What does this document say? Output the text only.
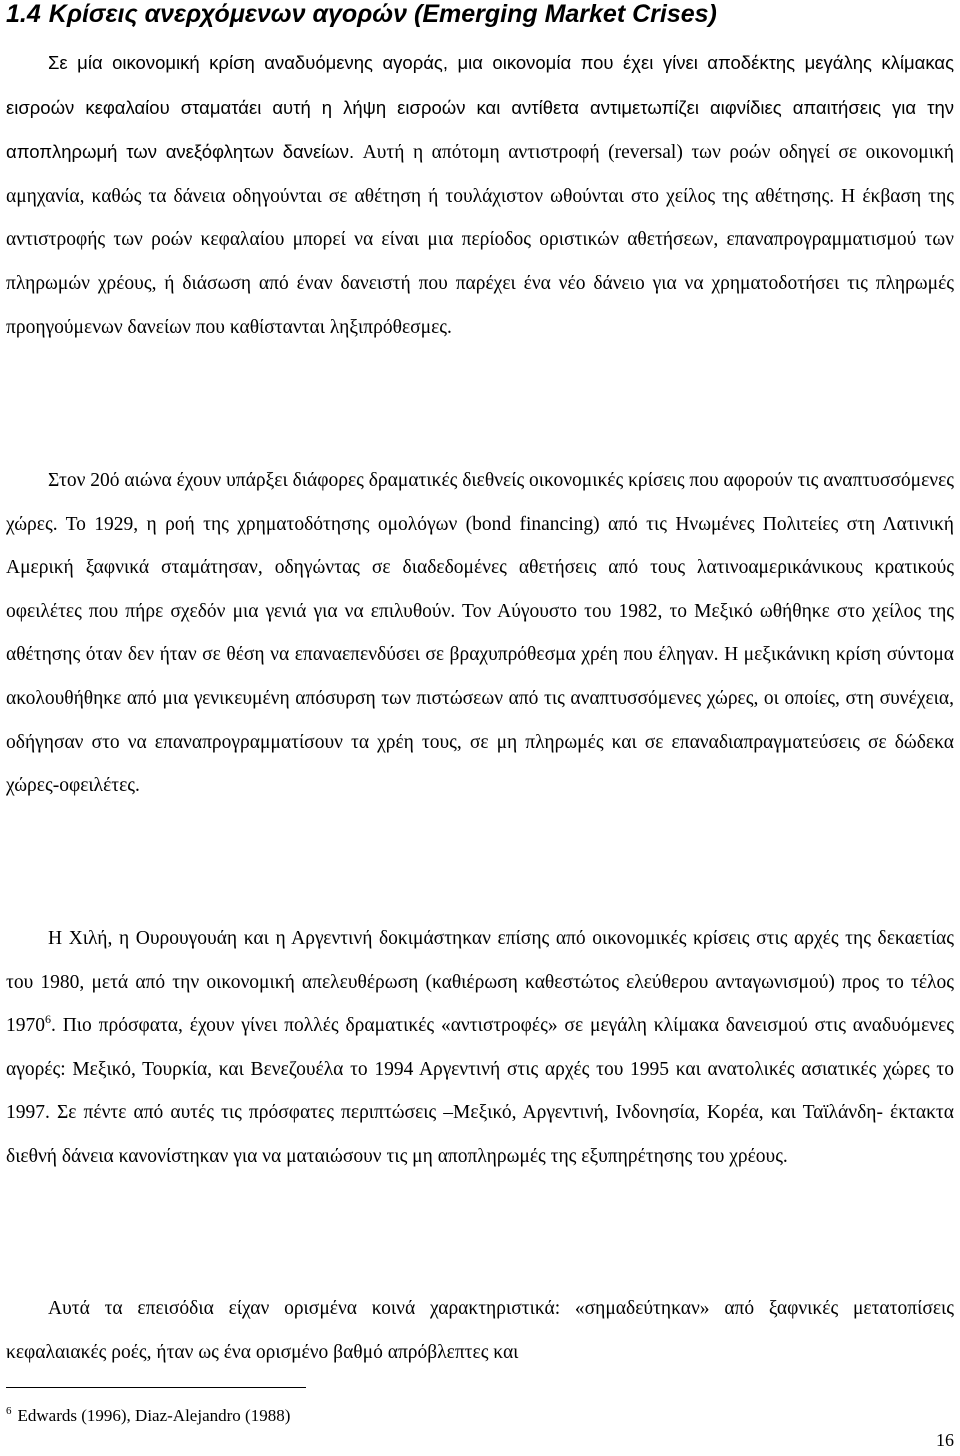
1.4 Κρίσεις ανερχόμενων αγορών (Emerging Market Crises)

Σε μία οικονομική κρίση αναδυόμενης αγοράς, μια οικονομία που έχει γίνει αποδέκτης μεγάλης κλίμακας εισροών κεφαλαίου σταματάει αυτή η λήψη εισροών και αντίθετα αντιμετωπίζει αιφνίδιες απαιτήσεις για την αποπληρωμή των ανεξόφλητων δανείων. Αυτή η απότομη αντιστροφή (reversal) των ροών οδηγεί σε οικονομική αμηχανία, καθώς τα δάνεια οδηγούνται σε αθέτηση ή τουλάχιστον ωθούνται στο χείλος της αθέτησης. Η έκβαση της αντιστροφής των ροών κεφαλαίου μπορεί να είναι μια περίοδος οριστικών αθετήσεων, επαναπρογραμματισμού των πληρωμών χρέους, ή διάσωση από έναν δανειστή που παρέχει ένα νέο δάνειο για να χρηματοδοτήσει τις πληρωμές προηγούμενων δανείων που καθίστανται ληξιπρόθεσμες.

Στον 20ό αιώνα έχουν υπάρξει διάφορες δραματικές διεθνείς οικονομικές κρίσεις που αφορούν τις αναπτυσσόμενες χώρες. Το 1929, η ροή της χρηματοδότησης ομολόγων (bond financing) από τις Ηνωμένες Πολιτείες στη Λατινική Αμερική ξαφνικά σταμάτησαν, οδηγώντας σε διαδεδομένες αθετήσεις από τους λατινοαμερικάνικους κρατικούς οφειλέτες που πήρε σχεδόν μια γενιά για να επιλυθούν. Τον Αύγουστο του 1982, το Μεξικό ωθήθηκε στο χείλος της αθέτησης όταν δεν ήταν σε θέση να επαναεπενδύσει σε βραχυπρόθεσμα χρέη που έληγαν. Η μεξικάνικη κρίση σύντομα ακολουθήθηκε από μια γενικευμένη απόσυρση των πιστώσεων από τις αναπτυσσόμενες χώρες, οι οποίες, στη συνέχεια, οδήγησαν στο να επαναπρογραμματίσουν τα χρέη τους, σε μη πληρωμές και σε επαναδιαπραγματεύσεις σε δώδεκα χώρες-οφειλέτες.

Η Χιλή, η Ουρουγουάη και η Αργεντινή δοκιμάστηκαν επίσης από οικονομικές κρίσεις στις αρχές της δεκαετίας του 1980, μετά από την οικονομική απελευθέρωση (καθιέρωση καθεστώτος ελεύθερου ανταγωνισμού) προς το τέλος 1970$^6$. Πιο πρόσφατα, έχουν γίνει πολλές δραματικές «αντιστροφές» σε μεγάλη κλίμακα δανεισμού στις αναδυόμενες αγορές: Μεξικό, Τουρκία, και Βενεζουέλα το 1994 Αργεντινή στις αρχές του 1995 και ανατολικές ασιατικές χώρες το 1997. Σε πέντε από αυτές τις πρόσφατες περιπτώσεις –Μεξικό, Αργεντινή, Ινδονησία, Κορέα, και Ταϊλάνδη- έκτακτα διεθνή δάνεια κανονίστηκαν για να ματαιώσουν τις μη αποπληρωμές της εξυπηρέτησης του χρέους.

Αυτά τα επεισόδια είχαν ορισμένα κοινά χαρακτηριστικά: «σημαδεύτηκαν» από ξαφνικές μετατοπίσεις κεφαλαιακές ροές, ήταν ως ένα ορισμένο βαθμό απρόβλεπτες και

$^6$ Edwards (1996), Diaz-Alejandro (1988)
16
